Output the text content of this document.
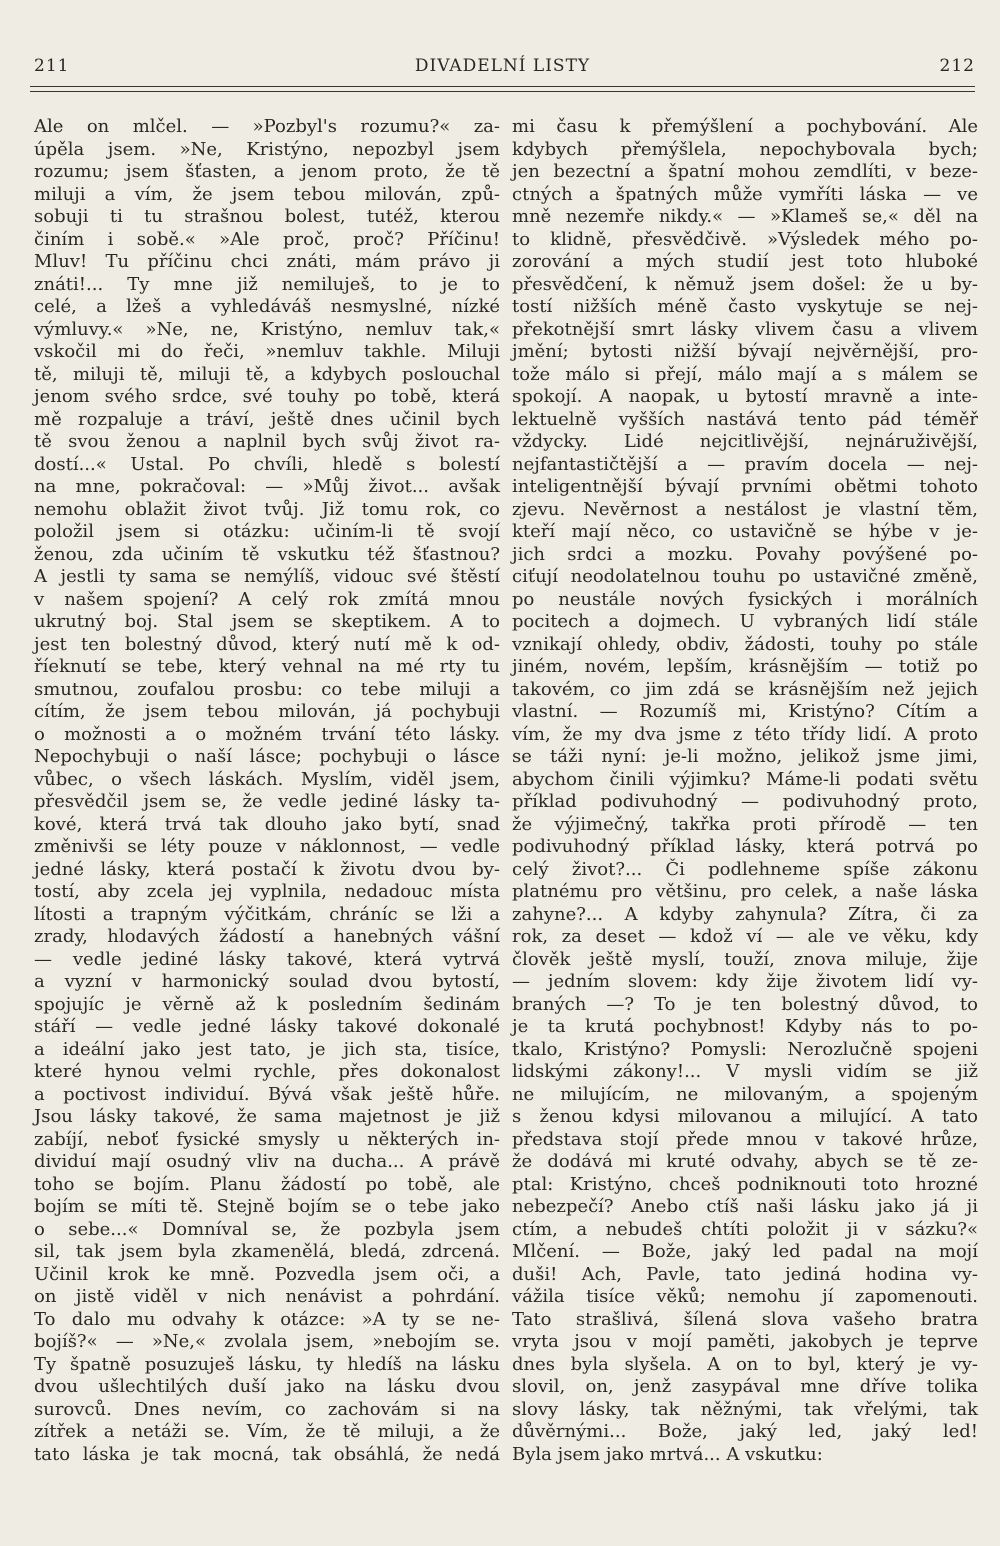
DIVADELNÍ LISTY
211	212
Ale on mlčel. — »Pozbyl's rozumu?« za-
úpěla jsem. »Ne, Kristýno, nepozbyl jsem
rozumu; jsem šťasten, a jenom proto, že tě
miluji a vím, že jsem tebou milován, způ-
sobuji ti tu strašnou bolest, tutéž, kterou
činím i sobě.« »Ale proč, proč? Příčinu!
Mluv! Tu příčinu chci znáti, mám právo ji
znáti!... Ty mne již nemiluješ, to je to
celé, a lžeš a vyhledáváš nesmyslné, nízké
výmluvy.« »Ne, ne, Kristýno, nemluv tak,«
vskočil mi do řeči, »nemluv takhle. Miluji
tě, miluji tě, miluji tě, a kdybych poslouchal
jenom svého srdce, své touhy po tobě, která
mě rozpaluje a tráví, ještě dnes učinil bych
tě svou ženou a naplnil bych svůj život ra-
dostí...« Ustal. Po chvíli, hledě s bolestí
na mne, pokračoval: — »Můj život... avšak
nemohu oblažit život tvůj. Již tomu rok, co
položil jsem si otázku: učiním-li tě svojí
ženou, zda učiním tě vskutku též šťastnou?
A jestli ty sama se nemýlíš, vidouc své štěstí
v našem spojení? A celý rok zmítá mnou
ukrutný boj. Stal jsem se skeptikem. A to
jest ten bolestný důvod, který nutí mě k od-
říeknutí se tebe, který vehnal na mé rty tu
smutnou, zoufalou prosbu: co tebe miluji a
cítím, že jsem tebou milován, já pochybuji
o možnosti a o možném trvání této lásky.
Nepochybuji o naší lásce; pochybuji o lásce
vůbec, o všech láskách. Myslím, viděl jsem,
přesvědčil jsem se, že vedle jediné lásky ta-
kové, která trvá tak dlouho jako bytí, snad
změnivši se léty pouze v náklonnost, — vedle
jedné lásky, která postačí k životu dvou by-
tostí, aby zcela jej vyplnila, nedadouc místa
lítosti a trapným výčitkám, chráníc se lži a
zrady, hlodavých žádostí a hanebných vášní
— vedle jediné lásky takové, která vytrvá
a vyzní v harmonický soulad dvou bytostí,
spojujíc je věrně až k posledním šedinám
stáří — vedle jedné lásky takové dokonalé
a ideální jako jest tato, je jich sta, tisíce,
které hynou velmi rychle, přes dokonalost
a poctivost individuí. Bývá však ještě hůře.
Jsou lásky takové, že sama majetnost je již
zabíjí, neboť fysické smysly u některých in-
dividuí mají osudný vliv na ducha... A právě
toho se bojím. Planu žádostí po tobě, ale
bojím se míti tě. Stejně bojím se o tebe jako
o sebe...« Domníval se, že pozbyla jsem
sil, tak jsem byla zkamenělá, bledá, zdrcená.
Učinil krok ke mně. Pozvedla jsem oči, a
on jistě viděl v nich nenávist a pohrdání.
To dalo mu odvahy k otázce: »A ty se ne-
bojíš?« — »Ne,« zvolala jsem, »nebojím se.
Ty špatně posuzuješ lásku, ty hledíš na lásku
dvou ušlechtilých duší jako na lásku dvou
surovců. Dnes nevím, co zachovám si na
zítřek a netáži se. Vím, že tě miluji, a že
tato láska je tak mocná, tak obsáhlá, že nedá
mi času k přemýšlení a pochybování. Ale
kdybych přemýšlela, nepochybovala bych;
jen bezectní a špatní mohou zemdlíti, v beze-
ctných a špatných může vymříti láska — ve
mně nezemře nikdy.« — »Klameš se,« děl na
to klidně, přesvědčivě. »Výsledek mého po-
zorování a mých studií jest toto hluboké
přesvědčení, k němuž jsem došel: že u by-
tostí nižších méně často vyskytuje se nej-
překotnější smrt lásky vlivem času a vlivem
jmění; bytosti nižší bývají nejvěrnější, pro-
tože málo si přejí, málo mají a s málem se
spokojí. A naopak, u bytostí mravně a inte-
lektuelně vyšších nastává tento pád téměř
vždycky. Lidé nejcitlivější, nejnáruživější,
nejfantastičtější a — pravím docela — nej-
inteligentnější bývají prvními obětmi tohoto
zjevu. Nevěrnost a nestálost je vlastní těm,
kteří mají něco, co ustavičně se hýbe v je-
jich srdci a mozku. Povahy povýšené po-
ciťují neodolatelnou touhu po ustavičné změně,
po neustále nových fysických i morálních
pocitech a dojmech. U vybraných lidí stále
vznikají ohledy, obdiv, žádosti, touhy po stále
jiném, novém, lepším, krásnějším — totiž po
takovém, co jim zdá se krásnějším než jejich
vlastní. — Rozumíš mi, Kristýno? Cítím a
vím, že my dva jsme z této třídy lidí. A proto
se táži nyní: je-li možno, jelikož jsme jimi,
abychom činili výjimku? Máme-li podati světu
příklad podivuhodný — podivuhodný proto,
že výjimečný, takřka proti přírodě — ten
podivuhodný příklad lásky, která potrvá po
celý život?... Či podlehneme spíše zákonu
platnému pro většinu, pro celek, a naše láska
zahyne?... A kdyby zahynula? Zítra, či za
rok, za deset — kdož ví — ale ve věku, kdy
člověk ještě myslí, touží, znova miluje, žije
— jedním slovem: kdy žije životem lidí vy-
braných —? To je ten bolestný důvod, to
je ta krutá pochybnost! Kdyby nás to po-
tkalo, Kristýno? Pomysli: Nerozlučně spojeni
lidskými zákony!... V mysli vidím se již
ne milujícím, ne milovaným, a spojeným
s ženou kdysi milovanou a milující. A tato
představa stojí přede mnou v takové hrůze,
že dodává mi kruté odvahy, abych se tě ze-
ptal: Kristýno, chceš podniknouti toto hrozné
nebezpečí? Anebo ctíš naši lásku jako já ji
ctím, a nebudeš chtíti položit ji v sázku?«
Mlčení. — Bože, jaký led padal na mojí
duši! Ach, Pavle, tato jediná hodina vy-
vážila tisíce věků; nemohu jí zapomenouti.
Tato strašlivá, šílená slova vašeho bratra
vryta jsou v mojí paměti, jakobych je teprve
dnes byla slyšela. A on to byl, který je vy-
slovil, on, jenž zasypával mne dříve tolika
slovy lásky, tak něžnými, tak vřelými, tak
důvěrnými... Bože, jaký led, jaký led!
Byla jsem jako mrtvá... A vskutku:
